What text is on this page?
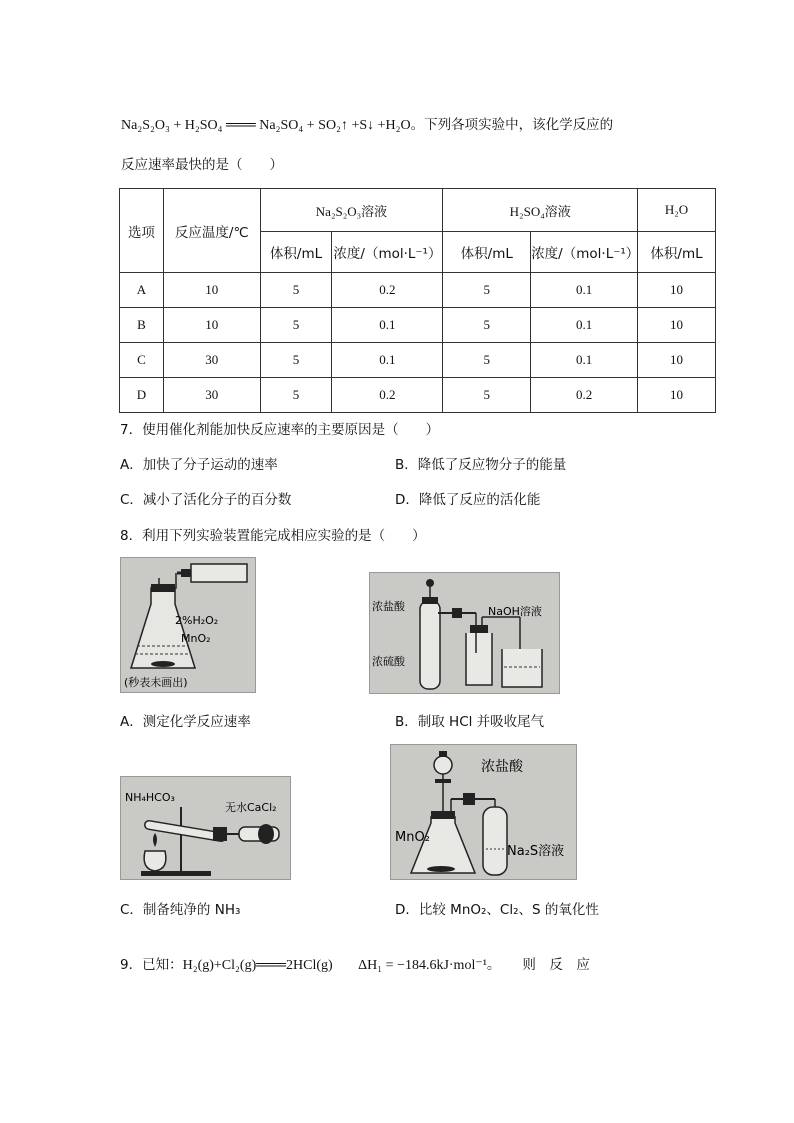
Na₂S₂O₃ + H₂SO₄ ═══ Na₂SO₄ + SO₂↑ +S↓ +H₂O。下列各项实验中，该化学反应的
反应速率最快的是（　　）
选项	反应温度/℃	Na₂S₂O₃溶液		H₂SO₄溶液		H₂O
		体积/mL	浓度/（mol·L⁻¹）	体积/mL	浓度/（mol·L⁻¹）	体积/mL
A	10	5	0.2	5	0.1	10
B	10	5	0.1	5	0.1	10
C	30	5	0.1	5	0.1	10
D	30	5	0.2	5	0.2	10
7．使用催化剂能加快反应速率的主要原因是（　　）
A．加快了分子运动的速率	B．降低了反应物分子的能量
C．减小了活化分子的百分数	D．降低了反应的活化能
8．利用下列实验装置能完成相应实验的是（　　）
2%H₂O₂
MnO₂
(秒表未画出)
浓盐酸
浓硫酸
NaOH溶液
A．测定化学反应速率	B．制取 HCl 并吸收尾气
NH₄HCO₃
无水CaCl₂
浓盐酸
MnO₂
Na₂S溶液
C．制备纯净的 NH₃	D．比较 MnO₂、Cl₂、S 的氧化性
9．已知：H₂(g)+Cl₂(g)═══2HCl(g) ΔH₁ = −184.6kJ·mol⁻¹。 则　反　应
